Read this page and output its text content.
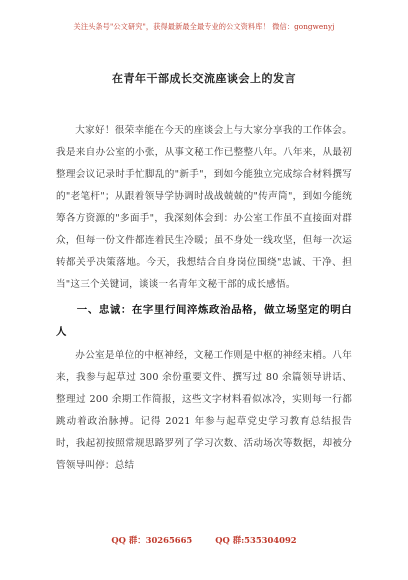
关注头条号"公文研究"，获得最新最全最专业的公文资料库！ 微信：gongwenyj
在青年干部成长交流座谈会上的发言

大家好！很荣幸能在今天的座谈会上与大家分享我的工作体会。我是来自办公室的小张，从事文秘工作已整整八年。八年来，从最初整理会议记录时手忙脚乱的"新手"，到如今能独立完成综合材料撰写的"老笔杆"；从跟着领导学协调时战战兢兢的"传声筒"，到如今能统筹各方资源的"多面手"，我深刻体会到：办公室工作虽不直接面对群众，但每一份文件都连着民生冷暖；虽不身处一线攻坚，但每一次运转都关乎决策落地。今天，我想结合自身岗位围绕"忠诚、干净、担当"这三个关键词，谈谈一名青年文秘干部的成长感悟。

一、忠诚：在字里行间淬炼政治品格，做立场坚定的明白人

办公室是单位的中枢神经，文秘工作则是中枢的神经末梢。八年来，我参与起草过 300 余份重要文件、撰写过 80 余篇领导讲话、整理过 200 余期工作简报，这些文字材料看似冰冷，实则每一行都跳动着政治脉搏。记得 2021 年参与起草党史学习教育总结报告时，我起初按照常规思路罗列了学习次数、活动场次等数据，却被分管领导叫停：总结

QQ 群：30265665	QQ 群:535304092
